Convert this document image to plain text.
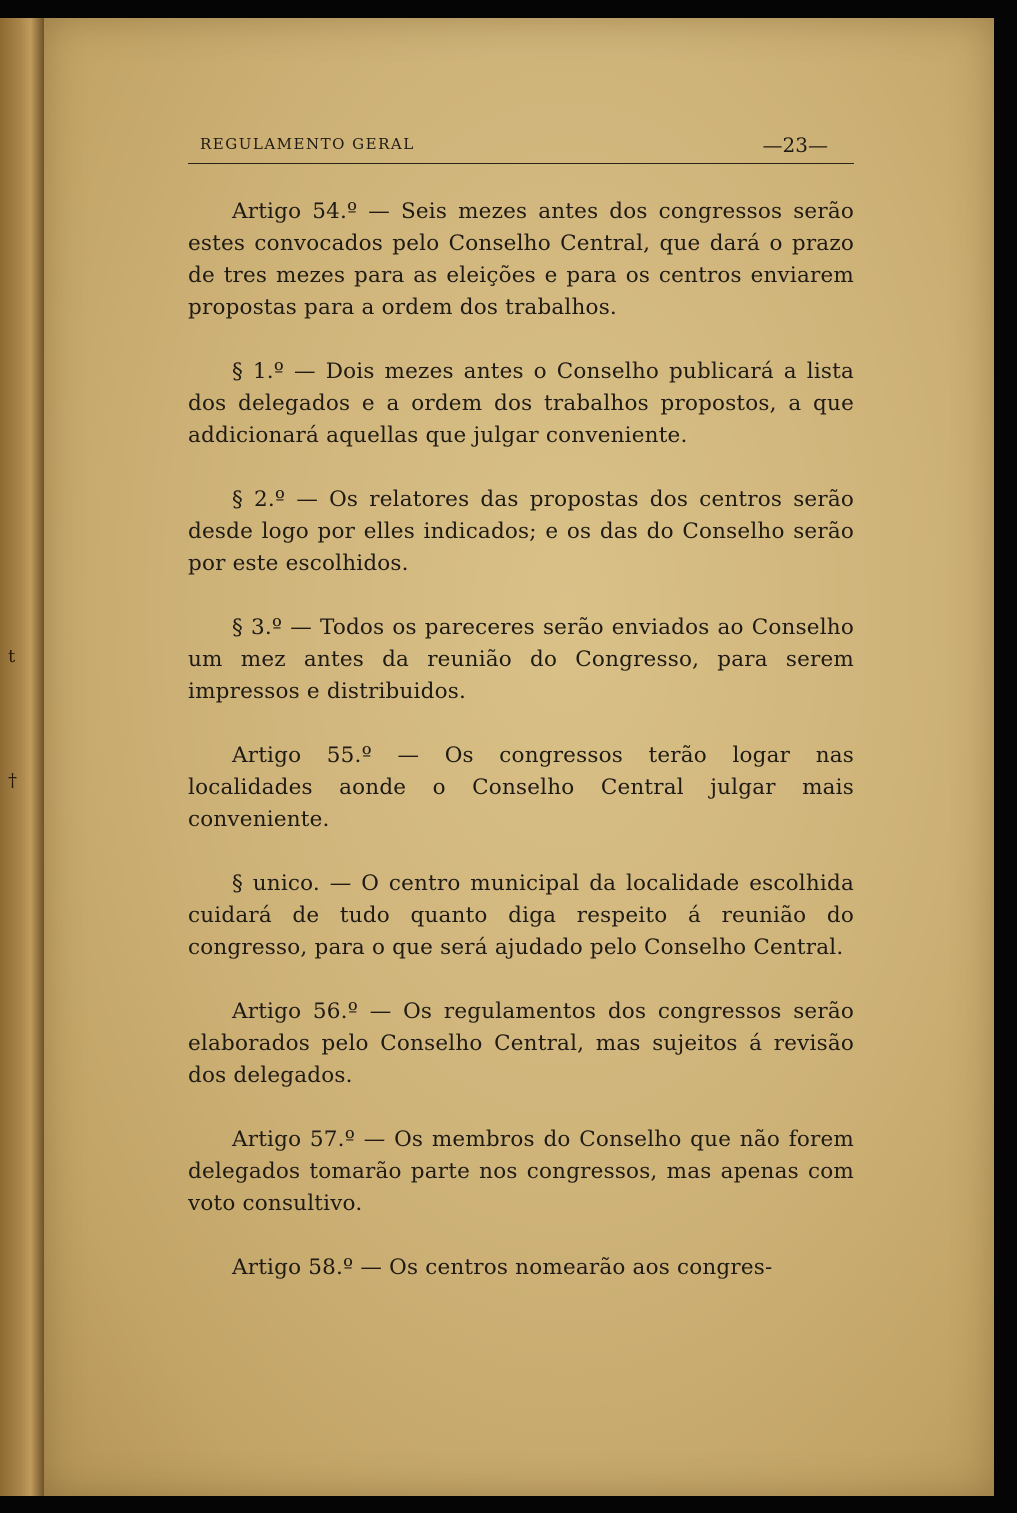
t
†
REGULAMENTO GERAL	—23—

Artigo 54.º — Seis mezes antes dos congressos serão estes convocados pelo Conselho Central, que dará o prazo de tres mezes para as eleições e para os centros enviarem propostas para a ordem dos trabalhos.

§ 1.º — Dois mezes antes o Conselho publicará a lista dos delegados e a ordem dos trabalhos propostos, a que addicionará aquellas que julgar conveniente.

§ 2.º — Os relatores das propostas dos centros serão desde logo por elles indicados; e os das do Conselho serão por este escolhidos.

§ 3.º — Todos os pareceres serão enviados ao Conselho um mez antes da reunião do Congresso, para serem impressos e distribuidos.

Artigo 55.º — Os congressos terão logar nas localidades aonde o Conselho Central julgar mais conveniente.

§ unico. — O centro municipal da localidade escolhida cuidará de tudo quanto diga respeito á reunião do congresso, para o que será ajudado pelo Conselho Central.

Artigo 56.º — Os regulamentos dos congressos serão elaborados pelo Conselho Central, mas sujeitos á revisão dos delegados.

Artigo 57.º — Os membros do Conselho que não forem delegados tomarão parte nos congressos, mas apenas com voto consultivo.

Artigo 58.º — Os centros nomearão aos congres-
